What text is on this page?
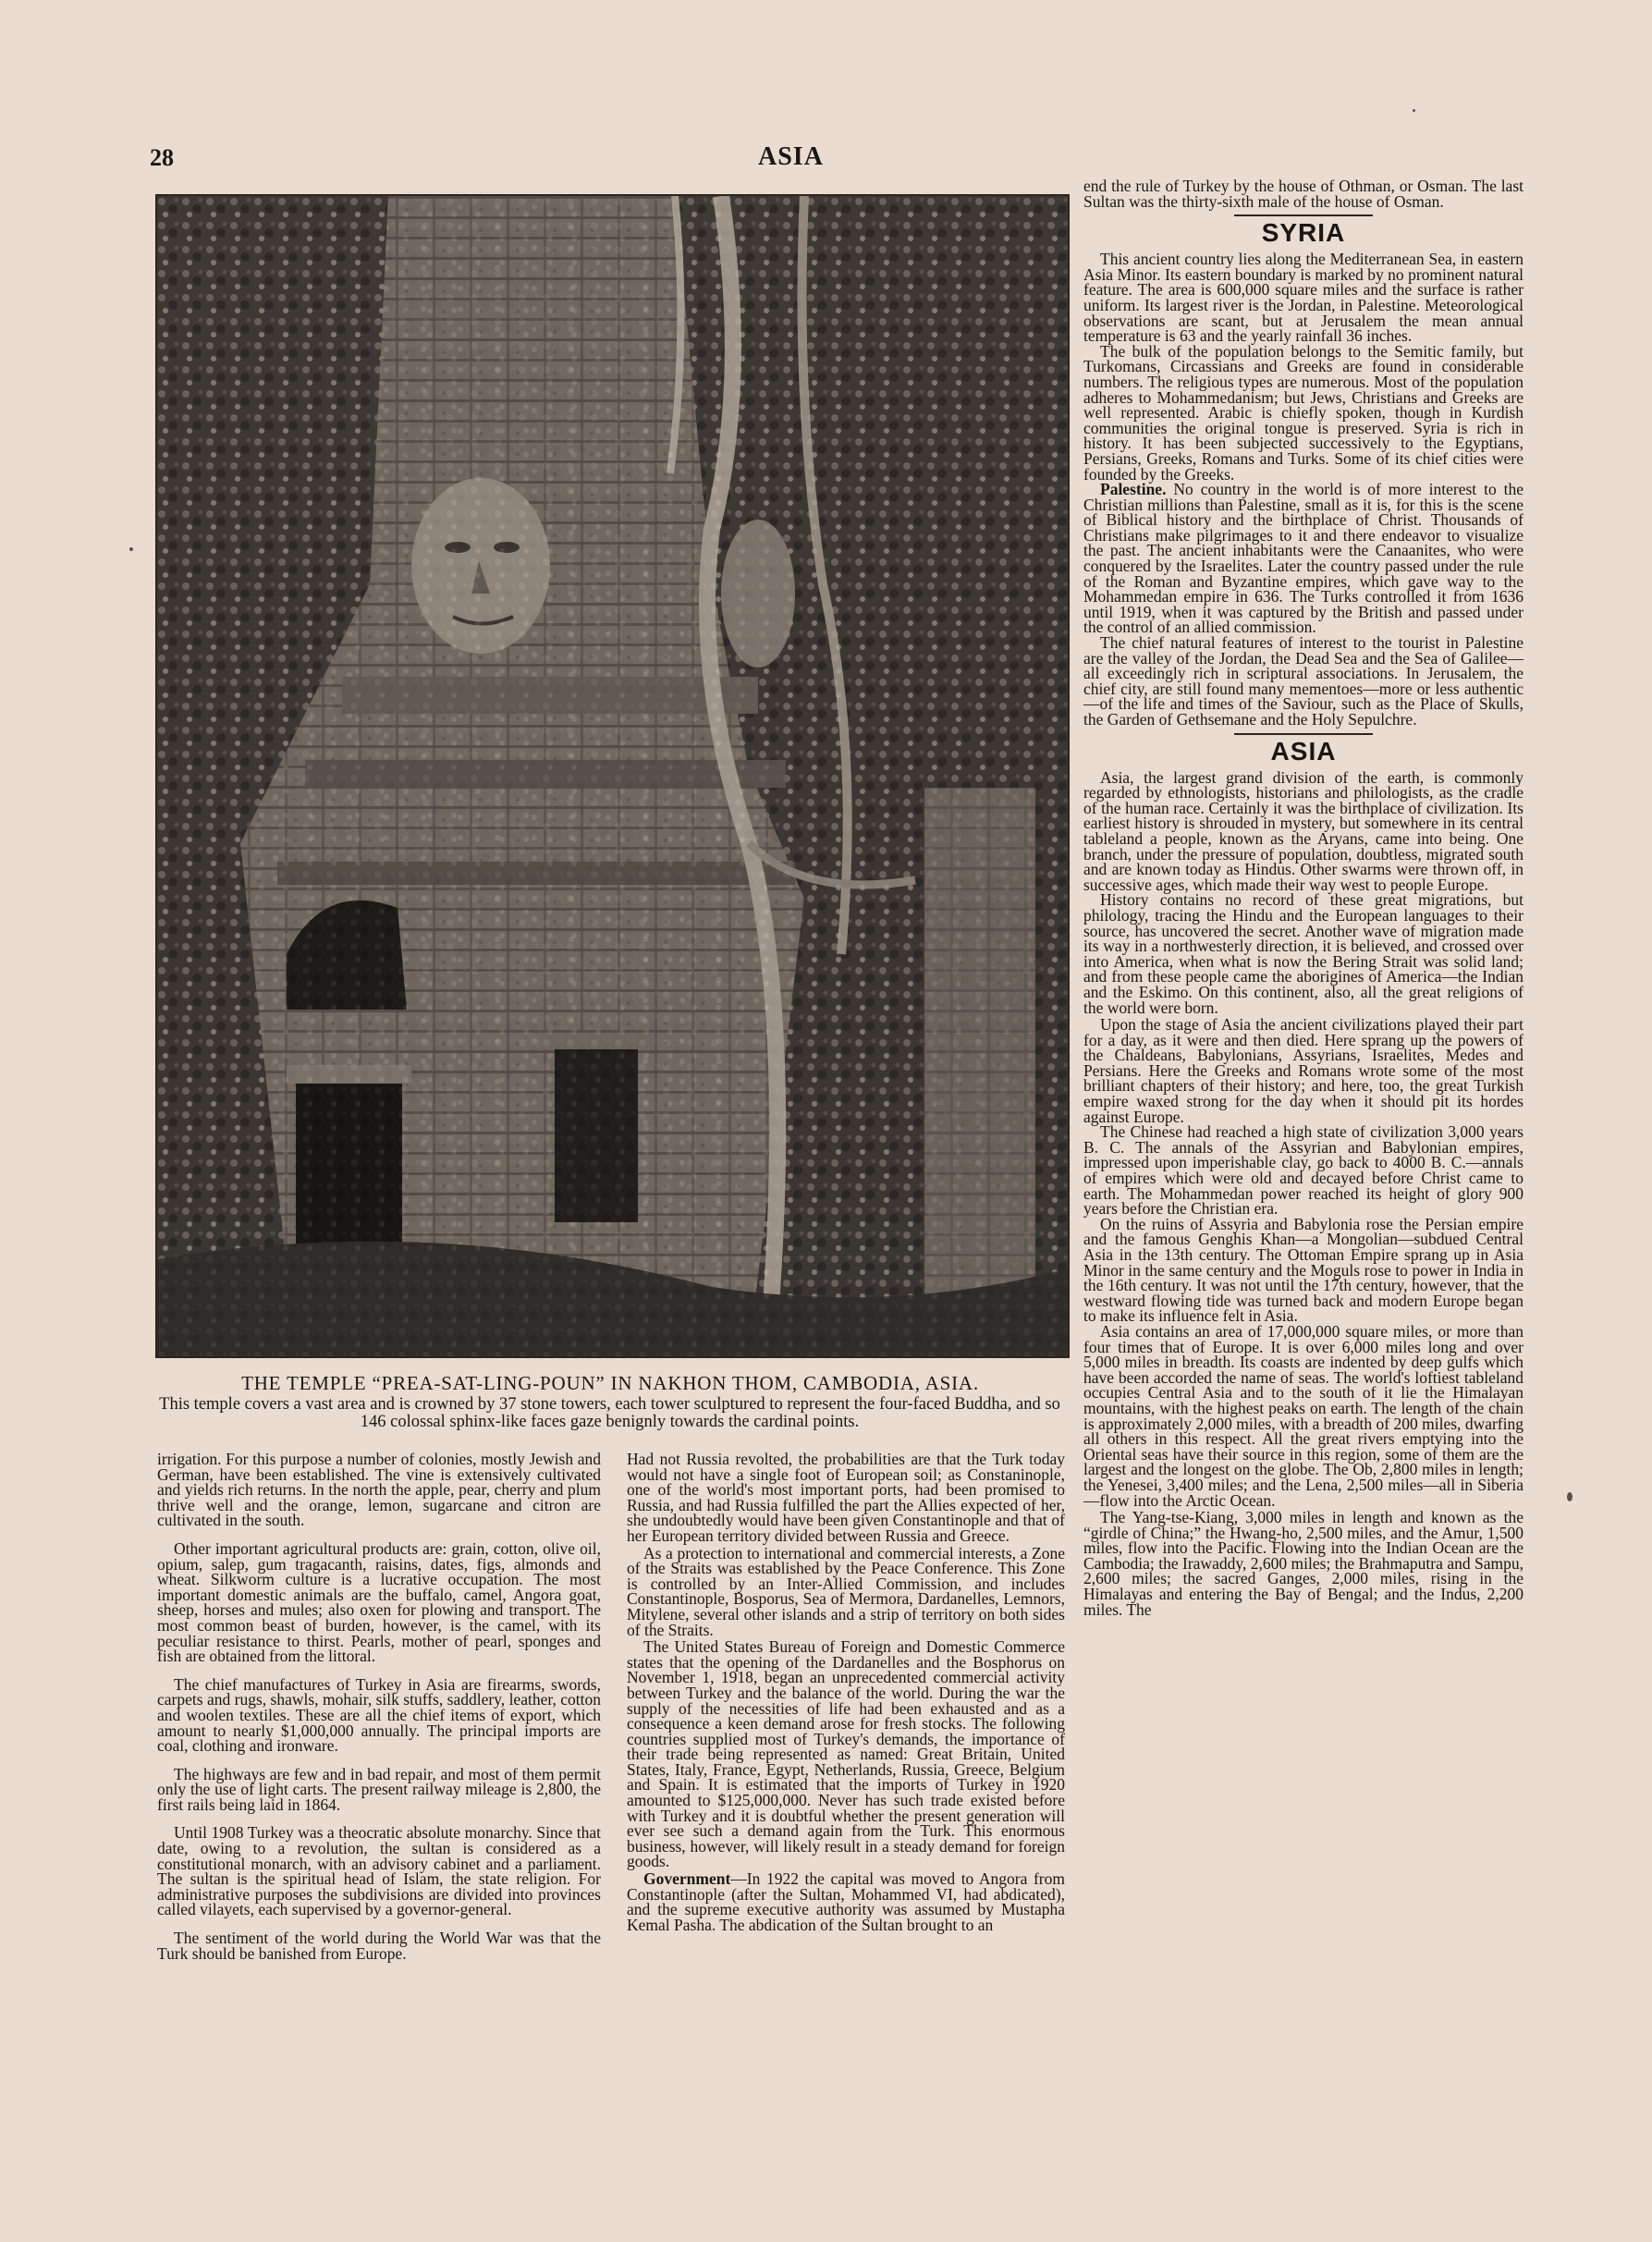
28	ASIA
THE TEMPLE “PREA-SAT-LING-POUN” IN NAKHON THOM, CAMBODIA, ASIA.
This temple covers a vast area and is crowned by 37 stone towers, each tower sculptured to represent the four-faced Buddha, and so 146 colossal sphinx-like faces gaze benignly towards the cardinal points.

irrigation. For this purpose a number of colonies, mostly Jewish and German, have been established. The vine is extensively cultivated and yields rich returns. In the north the apple, pear, cherry and plum thrive well and the orange, lemon, sugarcane and citron are cultivated in the south.

Other important agricultural products are: grain, cotton, olive oil, opium, salep, gum tragacanth, raisins, dates, figs, almonds and wheat. Silkworm culture is a lucrative occupation. The most important domestic animals are the buffalo, camel, Angora goat, sheep, horses and mules; also oxen for plowing and transport. The most common beast of burden, however, is the camel, with its peculiar resistance to thirst. Pearls, mother of pearl, sponges and fish are obtained from the littoral.

The chief manufactures of Turkey in Asia are firearms, swords, carpets and rugs, shawls, mohair, silk stuffs, saddlery, leather, cotton and woolen textiles. These are all the chief items of export, which amount to nearly $1,000,000 annually. The principal imports are coal, clothing and ironware.

The highways are few and in bad repair, and most of them permit only the use of light carts. The present railway mileage is 2,800, the first rails being laid in 1864.

Until 1908 Turkey was a theocratic absolute monarchy. Since that date, owing to a revolution, the sultan is considered as a constitutional monarch, with an advisory cabinet and a parliament. The sultan is the spiritual head of Islam, the state religion. For administrative purposes the subdivisions are divided into provinces called vilayets, each supervised by a governor-general.

The sentiment of the world during the World War was that the Turk should be banished from Europe.

Had not Russia revolted, the probabilities are that the Turk today would not have a single foot of European soil; as Constaninople, one of the world's most important ports, had been promised to Russia, and had Russia fulfilled the part the Allies expected of her, she undoubtedly would have been given Constantinople and that of her European territory divided between Russia and Greece.

As a protection to international and commercial interests, a Zone of the Straits was established by the Peace Conference. This Zone is controlled by an Inter-Allied Commission, and includes Constantinople, Bosporus, Sea of Mermora, Dardanelles, Lemnors, Mitylene, several other islands and a strip of territory on both sides of the Straits.

The United States Bureau of Foreign and Domestic Commerce states that the opening of the Dardanelles and the Bosphorus on November 1, 1918, began an unprecedented commercial activity between Turkey and the balance of the world. During the war the supply of the necessities of life had been exhausted and as a consequence a keen demand arose for fresh stocks. The following countries supplied most of Turkey's demands, the importance of their trade being represented as named: Great Britain, United States, Italy, France, Egypt, Netherlands, Russia, Greece, Belgium and Spain. It is estimated that the imports of Turkey in 1920 amounted to $125,000,000. Never has such trade existed before with Turkey and it is doubtful whether the present generation will ever see such a demand again from the Turk. This enormous business, however, will likely result in a steady demand for foreign goods.

Government—In 1922 the capital was moved to Angora from Constantinople (after the Sultan, Mohammed VI, had abdicated), and the supreme executive authority was assumed by Mustapha Kemal Pasha. The abdication of the Sultan brought to an

end the rule of Turkey by the house of Othman, or Osman. The last Sultan was the thirty-sixth male of the house of Osman.

SYRIA

This ancient country lies along the Mediterranean Sea, in eastern Asia Minor. Its eastern boundary is marked by no prominent natural feature. The area is 600,000 square miles and the surface is rather uniform. Its largest river is the Jordan, in Palestine. Meteorological observations are scant, but at Jerusalem the mean annual temperature is 63 and the yearly rainfall 36 inches.

The bulk of the population belongs to the Semitic family, but Turkomans, Circassians and Greeks are found in considerable numbers. The religious types are numerous. Most of the population adheres to Mohammedanism; but Jews, Christians and Greeks are well represented. Arabic is chiefly spoken, though in Kurdish communities the original tongue is preserved. Syria is rich in history. It has been subjected successively to the Egyptians, Persians, Greeks, Romans and Turks. Some of its chief cities were founded by the Greeks.

Palestine. No country in the world is of more interest to the Christian millions than Palestine, small as it is, for this is the scene of Biblical history and the birthplace of Christ. Thousands of Christians make pilgrimages to it and there endeavor to visualize the past. The ancient inhabitants were the Canaanites, who were conquered by the Israelites. Later the country passed under the rule of the Roman and Byzantine empires, which gave way to the Mohammedan empire in 636. The Turks controlled it from 1636 until 1919, when it was captured by the British and passed under the control of an allied commission.

The chief natural features of interest to the tourist in Palestine are the valley of the Jordan, the Dead Sea and the Sea of Galilee—all exceedingly rich in scriptural associations. In Jerusalem, the chief city, are still found many mementoes—more or less authentic—of the life and times of the Saviour, such as the Place of Skulls, the Garden of Gethsemane and the Holy Sepulchre.

ASIA

Asia, the largest grand division of the earth, is commonly regarded by ethnologists, historians and philologists, as the cradle of the human race. Certainly it was the birthplace of civilization. Its earliest history is shrouded in mystery, but somewhere in its central tableland a people, known as the Aryans, came into being. One branch, under the pressure of population, doubtless, migrated south and are known today as Hindus. Other swarms were thrown off, in successive ages, which made their way west to people Europe.

History contains no record of these great migrations, but philology, tracing the Hindu and the European languages to their source, has uncovered the secret. Another wave of migration made its way in a northwesterly direction, it is believed, and crossed over into America, when what is now the Bering Strait was solid land; and from these people came the aborigines of America—the Indian and the Eskimo. On this continent, also, all the great religions of the world were born.

Upon the stage of Asia the ancient civilizations played their part for a day, as it were and then died. Here sprang up the powers of the Chaldeans, Babylonians, Assyrians, Israelites, Medes and Persians. Here the Greeks and Romans wrote some of the most brilliant chapters of their history; and here, too, the great Turkish empire waxed strong for the day when it should pit its hordes against Europe.

The Chinese had reached a high state of civilization 3,000 years B. C. The annals of the Assyrian and Babylonian empires, impressed upon imperishable clay, go back to 4000 B. C.—annals of empires which were old and decayed before Christ came to earth. The Mohammedan power reached its height of glory 900 years before the Christian era.

On the ruins of Assyria and Babylonia rose the Persian empire and the famous Genghis Khan—a Mongolian—subdued Central Asia in the 13th century. The Ottoman Empire sprang up in Asia Minor in the same century and the Moguls rose to power in India in the 16th century. It was not until the 17th century, however, that the westward flowing tide was turned back and modern Europe began to make its influence felt in Asia.

Asia contains an area of 17,000,000 square miles, or more than four times that of Europe. It is over 6,000 miles long and over 5,000 miles in breadth. Its coasts are indented by deep gulfs which have been accorded the name of seas. The world's loftiest tableland occupies Central Asia and to the south of it lie the Himalayan mountains, with the highest peaks on earth. The length of the chain is approximately 2,000 miles, with a breadth of 200 miles, dwarfing all others in this respect. All the great rivers emptying into the Oriental seas have their source in this region, some of them are the largest and the longest on the globe. The Ob, 2,800 miles in length; the Yenesei, 3,400 miles; and the Lena, 2,500 miles—all in Siberia—flow into the Arctic Ocean.

The Yang-tse-Kiang, 3,000 miles in length and known as the “girdle of China;” the Hwang-ho, 2,500 miles, and the Amur, 1,500 miles, flow into the Pacific. Flowing into the Indian Ocean are the Cambodia; the Irawaddy, 2,600 miles; the Brahmaputra and Sampu, 2,600 miles; the sacred Ganges, 2,000 miles, rising in the Himalayas and entering the Bay of Bengal; and the Indus, 2,200 miles. The
